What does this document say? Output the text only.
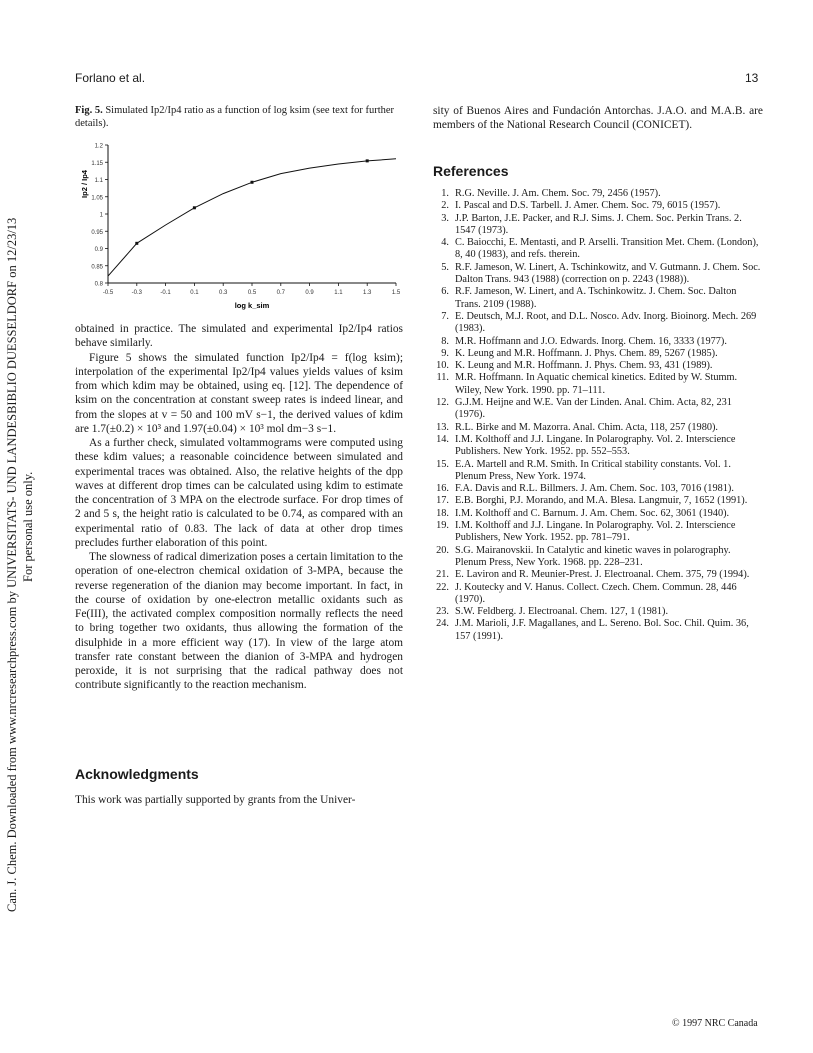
Forlano et al.	13
Can. J. Chem. Downloaded from www.nrcresearchpress.com by UNIVERSITATS- UND LANDESBIBLIO DUESSELDORF on 12/23/13 For personal use only.
Fig. 5. Simulated Ip2/Ip4 ratio as a function of log ksim (see text for further details).
0.8
0.85
0.9
0.95
1
1.05
1.1
1.15
1.2
-0.5	-0.3	-0.1	0.1	0.3	0.5	0.7	0.9	1.1	1.3	1.5
log k_sim
Ip2 / Ip4

obtained in practice. The simulated and experimental Ip2/Ip4 ratios behave similarly.

Figure 5 shows the simulated function Ip2/Ip4 = f(log ksim); interpolation of the experimental Ip2/Ip4 values yields values of ksim from which kdim may be obtained, using eq. [12]. The dependence of ksim on the concentration at constant sweep rates is indeed linear, and from the slopes at v = 50 and 100 mV s−1, the derived values of kdim are 1.7(±0.2) × 10³ and 1.97(±0.04) × 10³ mol dm−3 s−1.

As a further check, simulated voltammograms were computed using these kdim values; a reasonable coincidence between simulated and experimental traces was obtained. Also, the relative heights of the dpp waves at different drop times can be calculated using kdim to estimate the concentration of 3 MPA on the electrode surface. For drop times of 2 and 5 s, the height ratio is calculated to be 0.74, as compared with an experimental ratio of 0.83. The lack of data at other drop times precludes further elaboration of this point.

The slowness of radical dimerization poses a certain limitation to the operation of one-electron chemical oxidation of 3-MPA, because the reverse regeneration of the dianion may become important. In fact, in the course of oxidation by one-electron metallic oxidants such as Fe(III), the activated complex composition normally reflects the need to bring together two oxidants, thus allowing the formation of the disulphide in a more efficient way (17). In view of the large atom transfer rate constant between the dianion of 3-MPA and hydrogen peroxide, it is not surprising that the radical pathway does not contribute significantly to the reaction mechanism.

Acknowledgments
This work was partially supported by grants from the Univer-
sity of Buenos Aires and Fundación Antorchas. J.A.O. and M.A.B. are members of the National Research Council (CONICET).
References
1. R.G. Neville. J. Am. Chem. Soc. 79, 2456 (1957).
2. I. Pascal and D.S. Tarbell. J. Amer. Chem. Soc. 79, 6015 (1957).
3. J.P. Barton, J.E. Packer, and R.J. Sims. J. Chem. Soc. Perkin Trans. 2. 1547 (1973).
4. C. Baiocchi, E. Mentasti, and P. Arselli. Transition Met. Chem. (London), 8, 40 (1983), and refs. therein.
5. R.F. Jameson, W. Linert, A. Tschinkowitz, and V. Gutmann. J. Chem. Soc. Dalton Trans. 943 (1988) (correction on p. 2243 (1988)).
6. R.F. Jameson, W. Linert, and A. Tschinkowitz. J. Chem. Soc. Dalton Trans. 2109 (1988).
7. E. Deutsch, M.J. Root, and D.L. Nosco. Adv. Inorg. Bioinorg. Mech. 269 (1983).
8. M.R. Hoffmann and J.O. Edwards. Inorg. Chem. 16, 3333 (1977).
9. K. Leung and M.R. Hoffmann. J. Phys. Chem. 89, 5267 (1985).
10. K. Leung and M.R. Hoffmann. J. Phys. Chem. 93, 431 (1989).
11. M.R. Hoffmann. In Aquatic chemical kinetics. Edited by W. Stumm. Wiley, New York. 1990. pp. 71–111.
12. G.J.M. Heijne and W.E. Van der Linden. Anal. Chim. Acta, 82, 231 (1976).
13. R.L. Birke and M. Mazorra. Anal. Chim. Acta, 118, 257 (1980).
14. I.M. Kolthoff and J.J. Lingane. In Polarography. Vol. 2. Interscience Publishers. New York. 1952. pp. 552–553.
15. E.A. Martell and R.M. Smith. In Critical stability constants. Vol. 1. Plenum Press, New York. 1974.
16. F.A. Davis and R.L. Billmers. J. Am. Chem. Soc. 103, 7016 (1981).
17. E.B. Borghi, P.J. Morando, and M.A. Blesa. Langmuir, 7, 1652 (1991).
18. I.M. Kolthoff and C. Barnum. J. Am. Chem. Soc. 62, 3061 (1940).
19. I.M. Kolthoff and J.J. Lingane. In Polarography. Vol. 2. Interscience Publishers, New York. 1952. pp. 781–791.
20. S.G. Mairanovskii. In Catalytic and kinetic waves in polarography. Plenum Press, New York. 1968. pp. 228–231.
21. E. Laviron and R. Meunier-Prest. J. Electroanal. Chem. 375, 79 (1994).
22. J. Koutecky and V. Hanus. Collect. Czech. Chem. Commun. 28, 446 (1970).
23. S.W. Feldberg. J. Electroanal. Chem. 127, 1 (1981).
24. J.M. Marioli, J.F. Magallanes, and L. Sereno. Bol. Soc. Chil. Quim. 36, 157 (1991).
© 1997 NRC Canada
